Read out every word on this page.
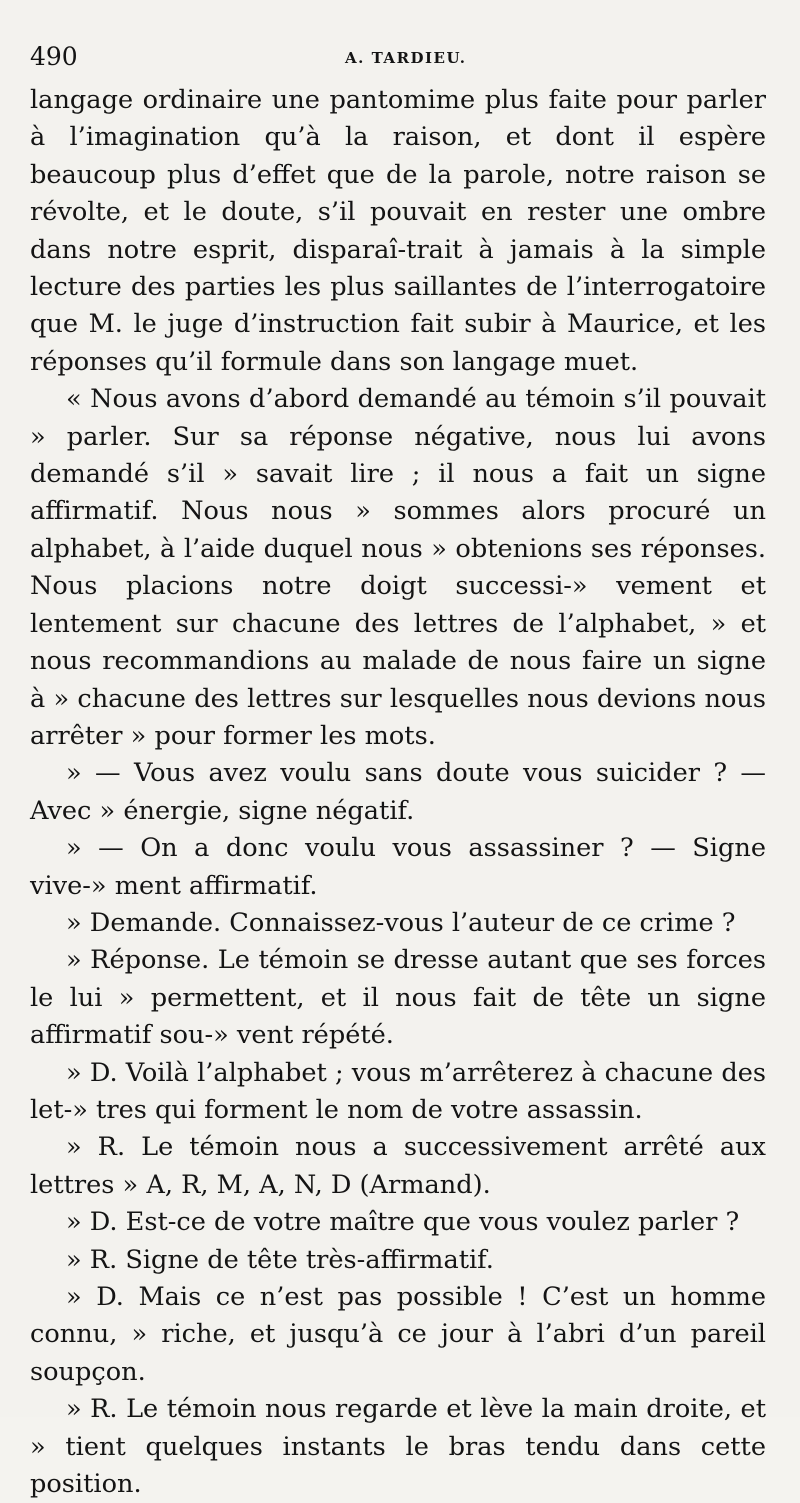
490	A. TARDIEU.

langage ordinaire une pantomime plus faite pour parler à l’imagination qu’à la raison, et dont il espère beaucoup plus d’effet que de la parole, notre raison se révolte, et le doute, s’il pouvait en rester une ombre dans notre esprit, disparaî-trait à jamais à la simple lecture des parties les plus saillantes de l’interrogatoire que M. le juge d’instruction fait subir à Maurice, et les réponses qu’il formule dans son langage muet.

« Nous avons d’abord demandé au témoin s’il pouvait » parler. Sur sa réponse négative, nous lui avons demandé s’il » savait lire ; il nous a fait un signe affirmatif. Nous nous » sommes alors procuré un alphabet, à l’aide duquel nous » obtenions ses réponses. Nous placions notre doigt successi-» vement et lentement sur chacune des lettres de l’alphabet, » et nous recommandions au malade de nous faire un signe à » chacune des lettres sur lesquelles nous devions nous arrêter » pour former les mots.

» — Vous avez voulu sans doute vous suicider ? — Avec » énergie, signe négatif.

» — On a donc voulu vous assassiner ? — Signe vive-» ment affirmatif.

» Demande. Connaissez-vous l’auteur de ce crime ?

» Réponse. Le témoin se dresse autant que ses forces le lui » permettent, et il nous fait de tête un signe affirmatif sou-» vent répété.

» D. Voilà l’alphabet ; vous m’arrêterez à chacune des let-» tres qui forment le nom de votre assassin.

» R. Le témoin nous a successivement arrêté aux lettres » A, R, M, A, N, D (Armand).

» D. Est-ce de votre maître que vous voulez parler ?

» R. Signe de tête très-affirmatif.

» D. Mais ce n’est pas possible ! C’est un homme connu, » riche, et jusqu’à ce jour à l’abri d’un pareil soupçon.

» R. Le témoin nous regarde et lève la main droite, et » tient quelques instants le bras tendu dans cette position.
